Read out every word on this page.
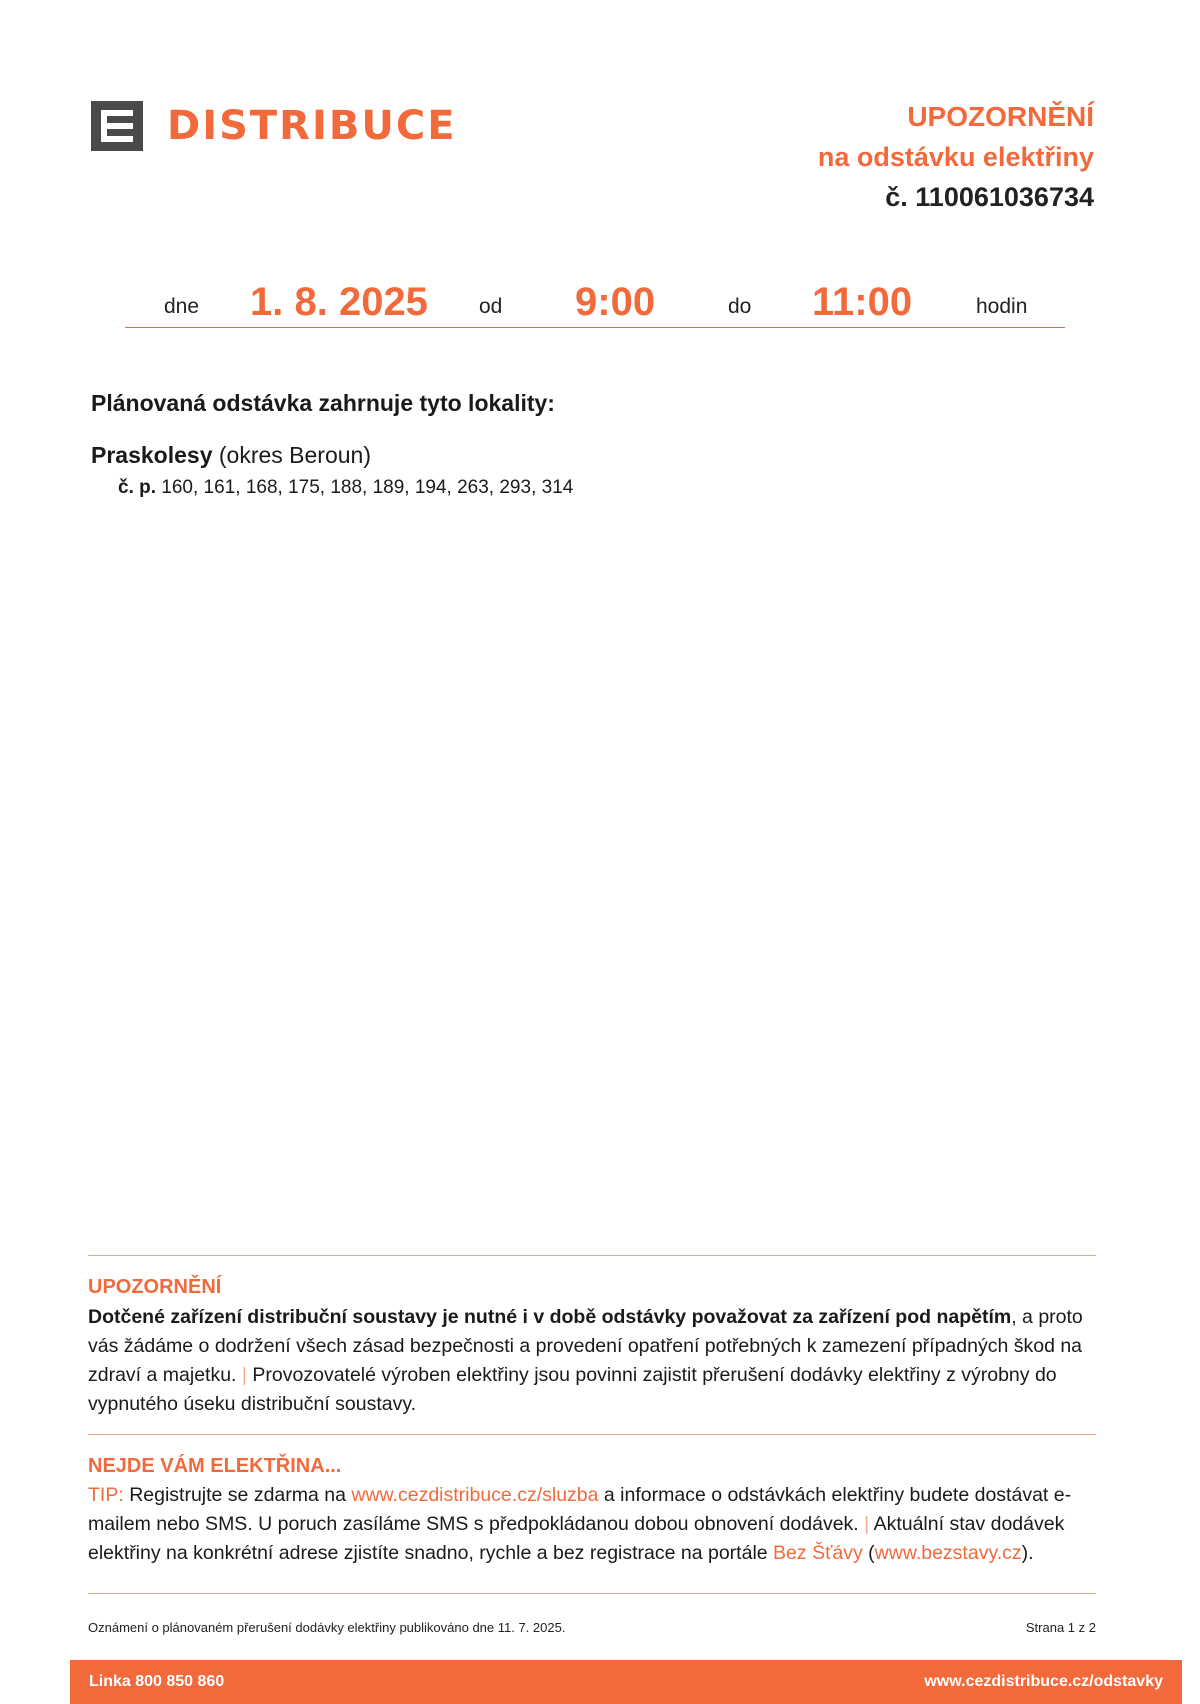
DISTRIBUCE	UPOZORNĚNÍ
na odstávku elektřiny
č. 110061036734
dne 1. 8. 2025 od 9:00	do 11:00	hodin
Plánovaná odstávka zahrnuje tyto lokality:
Praskolesy (okres Beroun)
č. p. 160, 161, 168, 175, 188, 189, 194, 263, 293, 314
UPOZORNĚNÍ
Dotčené zařízení distribuční soustavy je nutné i v době odstávky považovat za zařízení pod napětím, a proto vás žádáme o dodržení všech zásad bezpečnosti a provedení opatření potřebných k zamezení případných škod na zdraví a majetku. | Provozovatelé výroben elektřiny jsou povinni zajistit přerušení dodávky elektřiny z výrobny do vypnutého úseku distribuční soustavy.
NEJDE VÁM ELEKTŘINA...
TIP: Registrujte se zdarma na www.cezdistribuce.cz/sluzba a informace o odstávkách elektřiny budete dostávat e-mailem nebo SMS. U poruch zasíláme SMS s předpokládanou dobou obnovení dodávek. | Aktuální stav dodávek elektřiny na konkrétní adrese zjistíte snadno, rychle a bez registrace na portále Bez Šťávy (www.bezstavy.cz).
Oznámení o plánovaném přerušení dodávky elektřiny publikováno dne 11. 7. 2025.	Strana 1 z 2
Linka 800 850 860	www.cezdistribuce.cz/odstavky
